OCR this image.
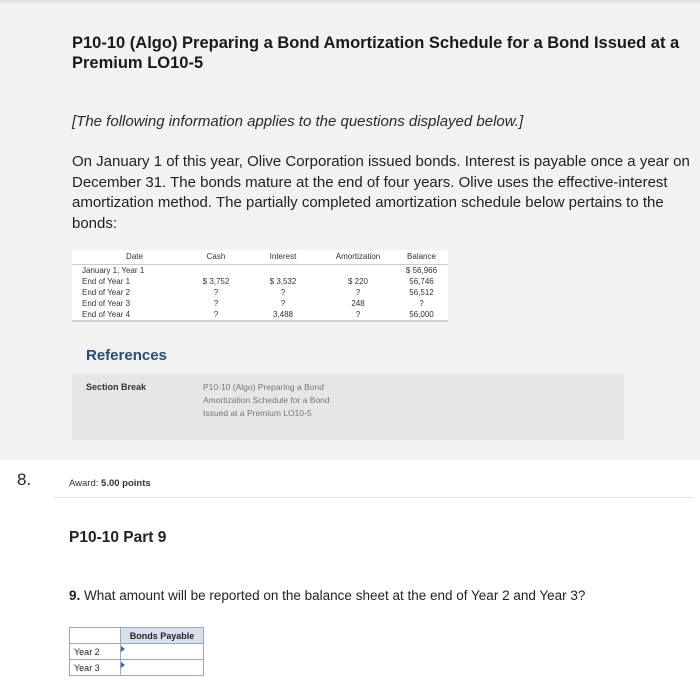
P10-10 (Algo) Preparing a Bond Amortization Schedule for a Bond Issued at a Premium LO10-5
[The following information applies to the questions displayed below.]
On January 1 of this year, Olive Corporation issued bonds. Interest is payable once a year on December 31. The bonds mature at the end of four years. Olive uses the effective-interest amortization method. The partially completed amortization schedule below pertains to the bonds:
Date	Cash	Interest	Amortization	Balance
January 1, Year 1				$ 56,966
End of Year 1	$ 3,752	$ 3,532	$ 220	56,746
End of Year 2	?	?	?	56,512
End of Year 3	?	?	248	?
End of Year 4	?	3,488	?	56,000
References
Section Break	P10-10 (Algo) Preparing a Bond Amortization Schedule for a Bond Issued at a Premium LO10-5
8.	Award: 5.00 points
P10-10 Part 9
9. What amount will be reported on the balance sheet at the end of Year 2 and Year 3?
	Bonds Payable
Year 2	

Year 3	
